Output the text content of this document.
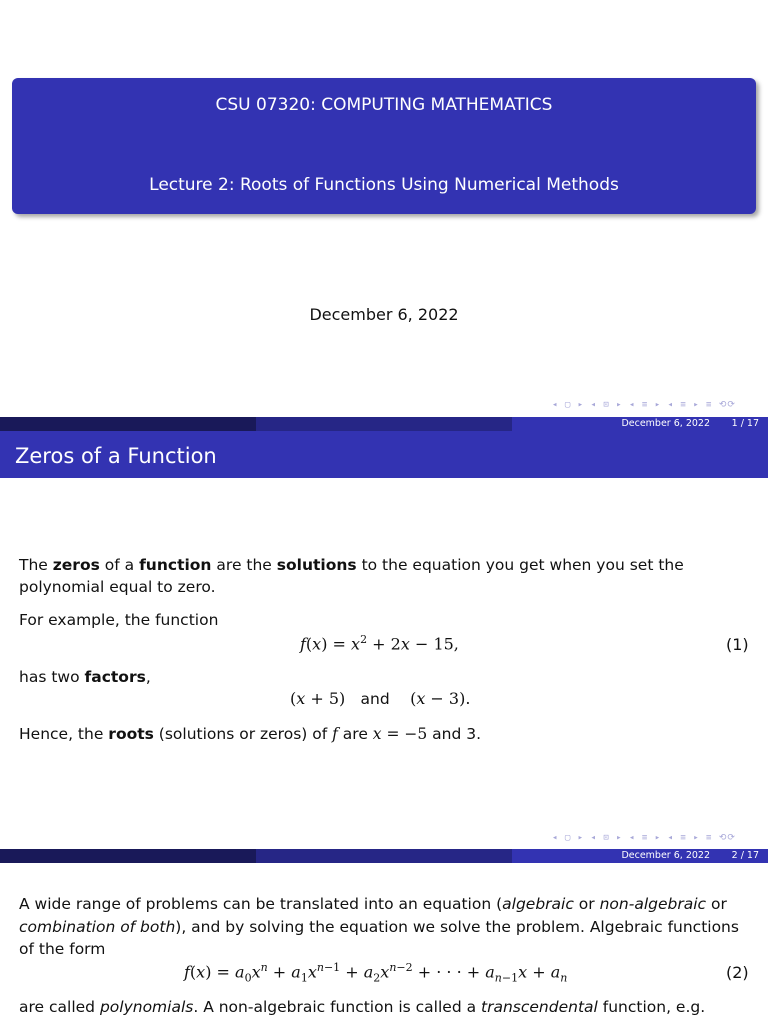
CSU 07320: COMPUTING MATHEMATICS
Lecture 2: Roots of Functions Using Numerical Methods
December 6, 2022
◂ ▢ ▸ ◂ ⊡ ▸ ◂ ≡ ▸ ◂ ≡ ▸ ≡ ⟲⟳
December 6, 2022 1 / 17
Zeros of a Function
The zeros of a function are the solutions to the equation you get when you set the
polynomial equal to zero.
For example, the function
$f(x) = x^2 + 2x - 15$,	(1)
has two factors,
(x + 5)   and    (x − 3).
Hence, the roots (solutions or zeros) of f are x = −5 and 3.
◂ ▢ ▸ ◂ ⊡ ▸ ◂ ≡ ▸ ◂ ≡ ▸ ≡ ⟲⟳
December 6, 2022 2 / 17
A wide range of problems can be translated into an equation (algebraic or non-algebraic or
combination of both), and by solving the equation we solve the problem. Algebraic functions
of the form
$f(x) = a_0x^n + a_1x^{n-1} + a_2x^{n-2}$ + · · · + $a_{n-1}x + a_n$	(2)
are called polynomials. A non-algebraic function is called a transcendental function, e.g.
